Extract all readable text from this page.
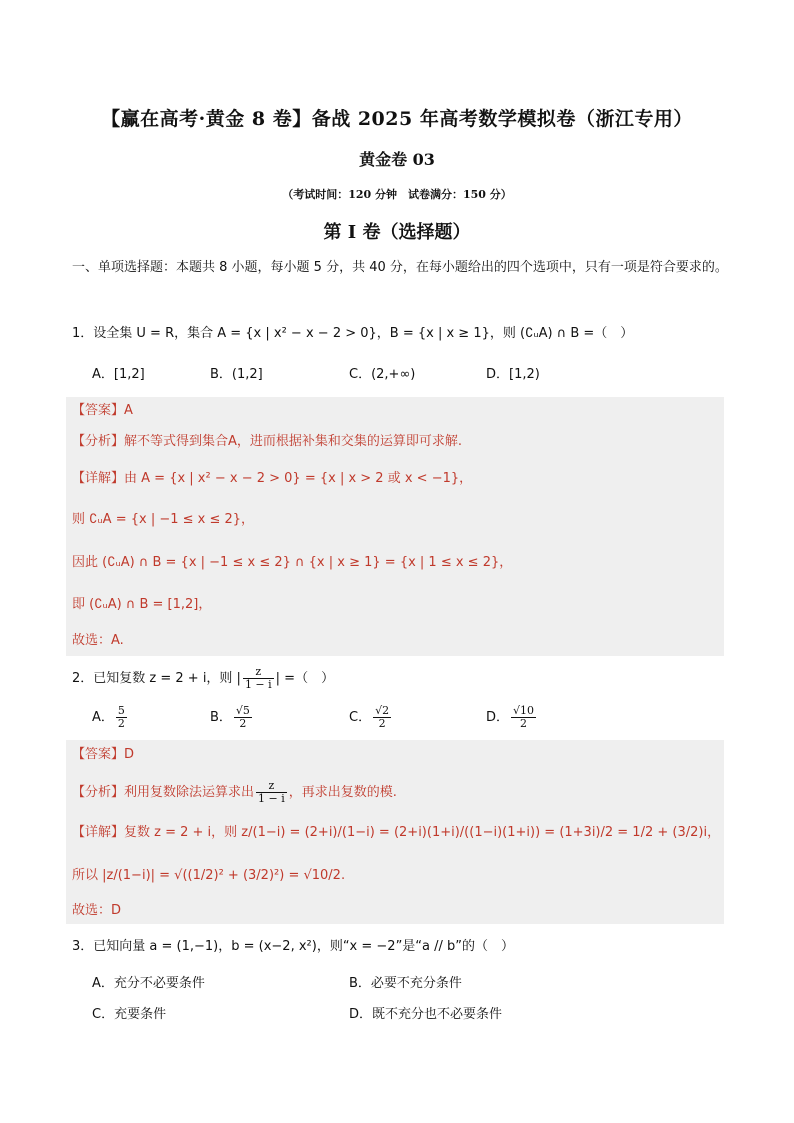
【赢在高考·黄金 8 卷】备战 2025 年高考数学模拟卷（浙江专用）
黄金卷 03
（考试时间：120 分钟　试卷满分：150 分）
第 I 卷（选择题）
一、单项选择题：本题共 8 小题，每小题 5 分，共 40 分，在每小题给出的四个选项中，只有一项是符合要求的。
1．设全集 U = R，集合 A = {x | x² − x − 2 > 0}，B = {x | x ≥ 1}，则 (∁ᵤA) ∩ B =（　）
A．[1,2]	B．(1,2]	C．(2,+∞)	D．[1,2)
【答案】A
【分析】解不等式得到集合A，进而根据补集和交集的运算即可求解.
【详解】由 A = {x | x² − x − 2 > 0} = {x | x > 2 或 x < −1}，
则 ∁ᵤA = {x | −1 ≤ x ≤ 2}，
因此 (∁ᵤA) ∩ B = {x | −1 ≤ x ≤ 2} ∩ {x | x ≥ 1} = {x | 1 ≤ x ≤ 2}，
即 (∁ᵤA) ∩ B = [1,2]，
故选：A.
2．已知复数 z = 2 + i，则 | $\frac{z}{1 - i}$ | =（　）
A． $\frac{5}{2}$	B． $\frac{√5}{2}$	C． $\frac{√2}{2}$	D． $\frac{√10}{2}$
【答案】D
【分析】利用复数除法运算求出 $\frac{z}{1 - i}$ ，再求出复数的模.
【详解】复数 z = 2 + i，则 z/(1−i) = (2+i)/(1−i) = (2+i)(1+i)/((1−i)(1+i)) = (1+3i)/2 = 1/2 + (3/2)i，
所以 |z/(1−i)| = √((1/2)² + (3/2)²) = √10/2.
故选：D
3．已知向量 a = (1,−1)，b = (x−2, x²)，则“x = −2”是“a // b”的（　）
A．充分不必要条件	B．必要不充分条件
C．充要条件	D．既不充分也不必要条件
